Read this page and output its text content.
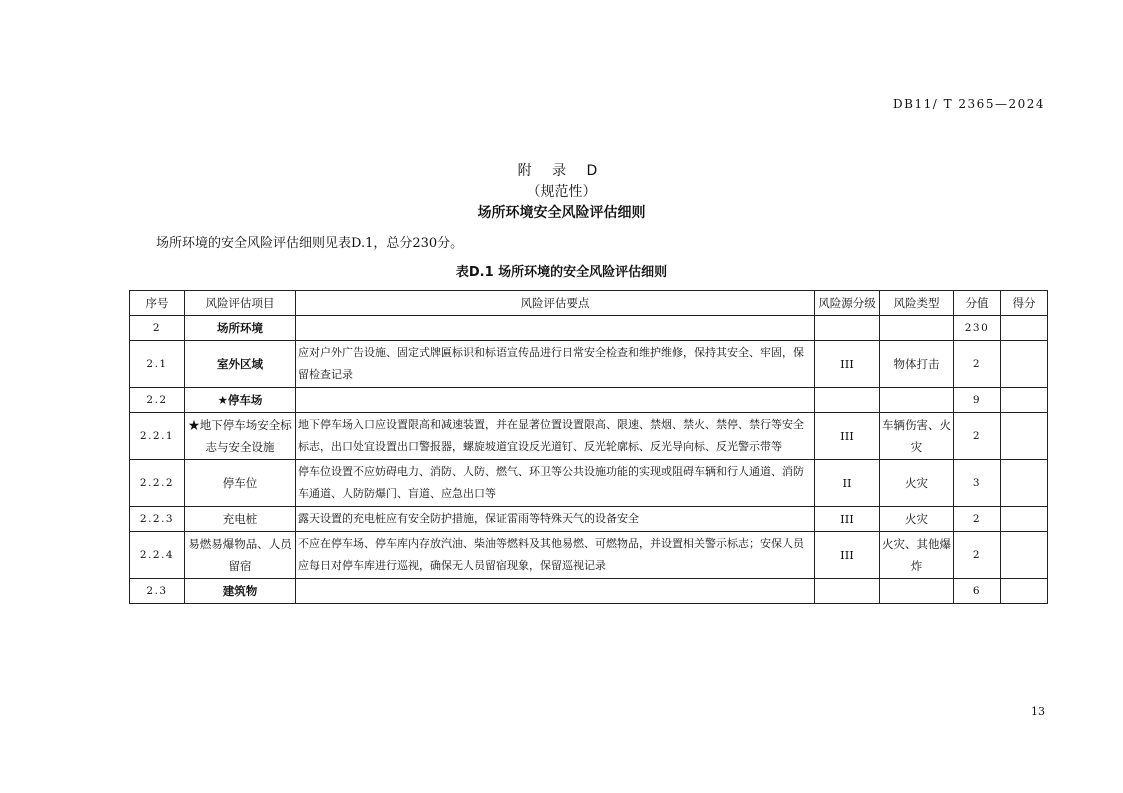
DB11/ T 2365—2024
附 录 D
（规范性）
场所环境安全风险评估细则
场所环境的安全风险评估细则见表D.1，总分230分。
表D.1 场所环境的安全风险评估细则
序号	风险评估项目	风险评估要点	风险源分级	风险类型	分值	得分
2	场所环境				230	
2.1	室外区域	应对户外广告设施、固定式牌匾标识和标语宣传品进行日常安全检查和维护维修，保持其安全、牢固，保留检查记录	III	物体打击	2	
2.2	★停车场				9	
2.2.1	★地下停车场安全标志与安全设施	地下停车场入口应设置限高和减速装置，并在显著位置设置限高、限速、禁烟、禁火、禁停、禁行等安全标志，出口处宜设置出口警报器，螺旋坡道宜设反光道钉、反光轮廓标、反光导向标、反光警示带等	III	车辆伤害、火灾	2	
2.2.2	停车位	停车位设置不应妨碍电力、消防、人防、燃气、环卫等公共设施功能的实现或阻碍车辆和行人通道、消防车通道、人防防爆门、盲道、应急出口等	II	火灾	3	
2.2.3	充电桩	露天设置的充电桩应有安全防护措施，保证雷雨等特殊天气的设备安全	III	火灾	2	
2.2.4	易燃易爆物品、人员留宿	不应在停车场、停车库内存放汽油、柴油等燃料及其他易燃、可燃物品，并设置相关警示标志；安保人员应每日对停车库进行巡视，确保无人员留宿现象，保留巡视记录	III	火灾、其他爆炸	2	
2.3	建筑物				6	
13
